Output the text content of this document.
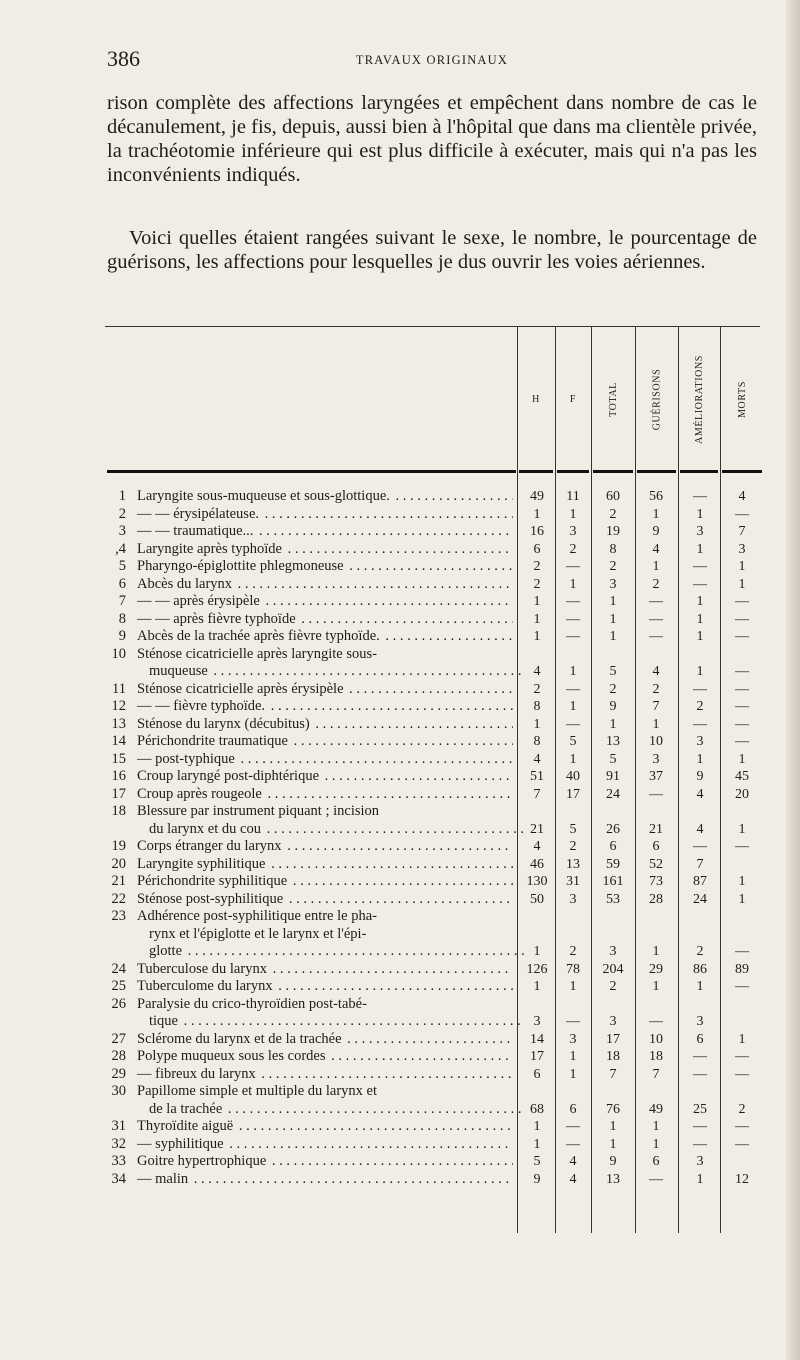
386	TRAVAUX ORIGINAUX
rison complète des affections laryngées et empêchent dans nombre de cas le décanulement, je fis, depuis, aussi bien à l'hôpital que dans ma clientèle privée, la trachéotomie inférieure qui est plus difficile à exécuter, mais qui n'a pas les inconvénients indiqués.
Voici quelles étaient rangées suivant le sexe, le nombre, le pourcentage de guérisons, les affections pour lesquelles je dus ouvrir les voies aériennes.
H	F	TOTAL	GUÉRISONS	AMÉLIORATIONS	MORTS
1 Laryngite sous-muqueuse et sous-glottique. . . .	49	11	60	56	—	4
2 — — érysipélateuse. . . .	1	1	2	1	1	—
3 — — traumatique... . . .	16	3	19	9	3	7
,4 Laryngite après typhoïde . . .	6	2	8	4	1	3
5 Pharyngo-épiglottite phlegmoneuse . . .	2	—	2	1	—	1
6 Abcès du larynx . . .	2	1	3	2	—	1
7 — — après érysipèle . . .	1	—	1	—	1	—
8 — — après fièvre typhoïde . . .	1	—	1	—	1	—
9 Abcès de la trachée après fièvre typhoïde. . . .	1	—	1	—	1	—
10 Sténose cicatricielle après laryngite sous-
muqueuse . . .	4	1	5	4	1	—
11 Sténose cicatricielle après érysipèle . . .	2	—	2	2	—	—
12 — — fièvre typhoïde. . . .	8	1	9	7	2	—
13 Sténose du larynx (décubitus) . . .	1	—	1	1	—	—
14 Périchondrite traumatique . . .	8	5	13	10	3	—
15 — post-typhique . . .	4	1	5	3	1	1
16 Croup laryngé post-diphtérique . . .	51	40	91	37	9	45
17 Croup après rougeole . . .	7	17	24	—	4	20
18 Blessure par instrument piquant ; incision
du larynx et du cou . . .	21	5	26	21	4	1
19 Corps étranger du larynx . . .	4	2	6	6	—	—
20 Laryngite syphilitique . . .	46	13	59	52	7
21 Périchondrite syphilitique . . .	130	31	161	73	87	1
22 Sténose post-syphilitique . . .	50	3	53	28	24	1
23 Adhérence post-syphilitique entre le pha-
rynx et l'épiglotte et le larynx et l'épi-
glotte . . .	1	2	3	1	2	—
24 Tuberculose du larynx . . .	126	78	204	29	86	89
25 Tuberculome du larynx . . .	1	1	2	1	1	—
26 Paralysie du crico-thyroïdien post-tabé-
tique . . .	3	—	3	—	3
27 Sclérome du larynx et de la trachée . . .	14	3	17	10	6	1
28 Polype muqueux sous les cordes . . .	17	1	18	18	—	—
29 — fibreux du larynx . . .	6	1	7	7	—	—
30 Papillome simple et multiple du larynx et
de la trachée . . .	68	6	76	49	25	2
31 Thyroïdite aiguë . . .	1	—	1	1	—	—
32 — syphilitique . . .	1	—	1	1	—	—
33 Goitre hypertrophique . . .	5	4	9	6	3
34 — malin . . .	9	4	13	—	1	12
